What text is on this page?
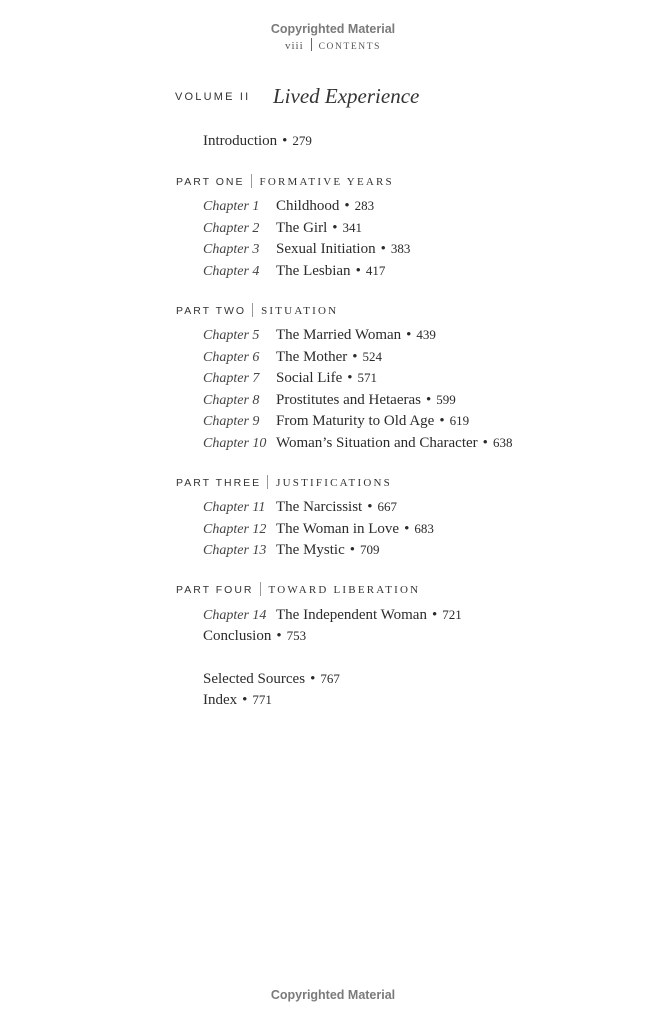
Copyrighted Material
viii CONTENTS
VOLUME II Lived Experience
Introduction • 279
PART ONE FORMATIVE YEARS
Chapter 1 Childhood • 283
Chapter 2 The Girl • 341
Chapter 3 Sexual Initiation • 383
Chapter 4 The Lesbian • 417
PART TWO SITUATION
Chapter 5 The Married Woman • 439
Chapter 6 The Mother • 524
Chapter 7 Social Life • 571
Chapter 8 Prostitutes and Hetaeras • 599
Chapter 9 From Maturity to Old Age • 619
Chapter 10 Woman’s Situation and Character • 638
PART THREE JUSTIFICATIONS
Chapter 11 The Narcissist • 667
Chapter 12 The Woman in Love • 683
Chapter 13 The Mystic • 709
PART FOUR TOWARD LIBERATION
Chapter 14 The Independent Woman • 721
Conclusion • 753
Selected Sources • 767
Index • 771
Copyrighted Material
